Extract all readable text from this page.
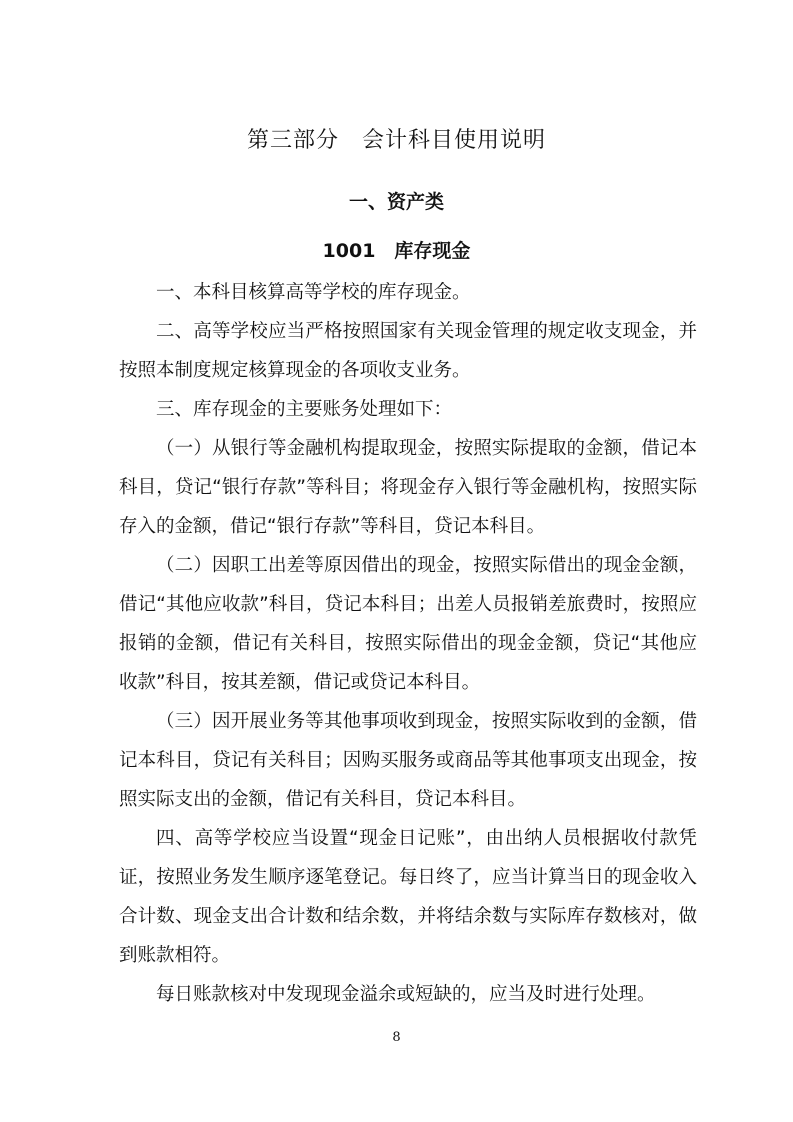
第三部分　会计科目使用说明
一、资产类
1001　库存现金

一、本科目核算高等学校的库存现金。

二、高等学校应当严格按照国家有关现金管理的规定收支现金，并按照本制度规定核算现金的各项收支业务。

三、库存现金的主要账务处理如下：

（一）从银行等金融机构提取现金，按照实际提取的金额，借记本科目，贷记“银行存款”等科目；将现金存入银行等金融机构，按照实际存入的金额，借记“银行存款”等科目，贷记本科目。

（二）因职工出差等原因借出的现金，按照实际借出的现金金额，借记“其他应收款”科目，贷记本科目；出差人员报销差旅费时，按照应报销的金额，借记有关科目，按照实际借出的现金金额，贷记“其他应收款”科目，按其差额，借记或贷记本科目。

（三）因开展业务等其他事项收到现金，按照实际收到的金额，借记本科目，贷记有关科目；因购买服务或商品等其他事项支出现金，按照实际支出的金额，借记有关科目，贷记本科目。

四、高等学校应当设置“现金日记账”，由出纳人员根据收付款凭证，按照业务发生顺序逐笔登记。每日终了，应当计算当日的现金收入合计数、现金支出合计数和结余数，并将结余数与实际库存数核对，做到账款相符。

每日账款核对中发现现金溢余或短缺的，应当及时进行处理。

8
